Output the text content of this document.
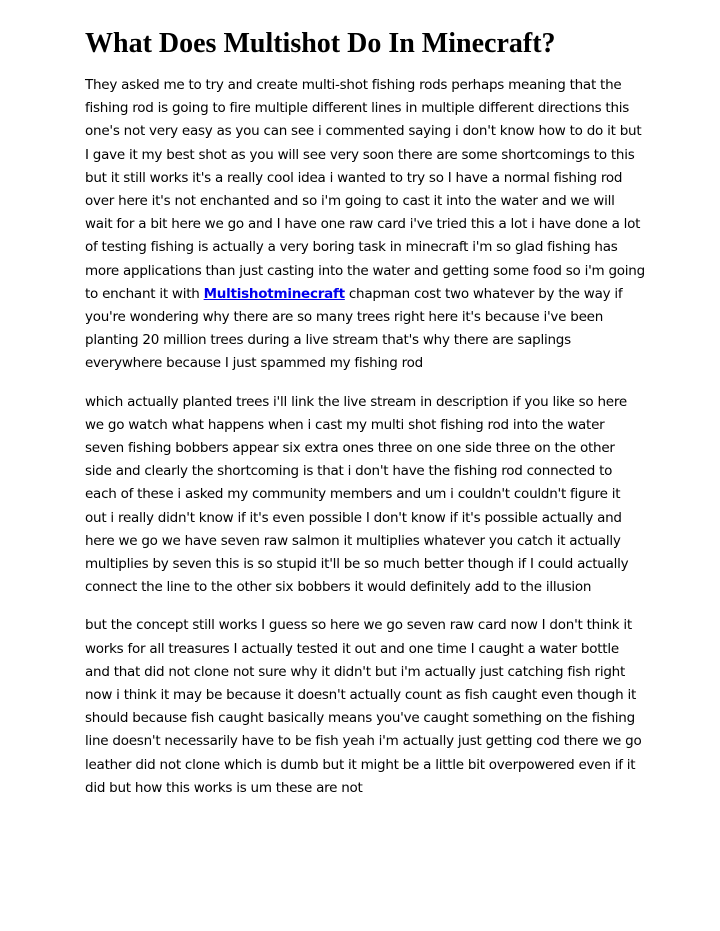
What Does Multishot Do In Minecraft?

They asked me to try and create multi-shot fishing rods perhaps meaning that the fishing rod is going to fire multiple different lines in multiple different directions this one's not very easy as you can see i commented saying i don't know how to do it but I gave it my best shot as you will see very soon there are some shortcomings to this but it still works it's a really cool idea i wanted to try so I have a normal fishing rod over here it's not enchanted and so i'm going to cast it into the water and we will wait for a bit here we go and I have one raw card i've tried this a lot i have done a lot of testing fishing is actually a very boring task in minecraft i'm so glad fishing has more applications than just casting into the water and getting some food so i'm going to enchant it with Multishotminecraft chapman cost two whatever by the way if you're wondering why there are so many trees right here it's because i've been planting 20 million trees during a live stream that's why there are saplings everywhere because I just spammed my fishing rod

which actually planted trees i'll link the live stream in description if you like so here we go watch what happens when i cast my multi shot fishing rod into the water seven fishing bobbers appear six extra ones three on one side three on the other side and clearly the shortcoming is that i don't have the fishing rod connected to each of these i asked my community members and um i couldn't couldn't figure it out i really didn't know if it's even possible I don't know if it's possible actually and here we go we have seven raw salmon it multiplies whatever you catch it actually multiplies by seven this is so stupid it'll be so much better though if I could actually connect the line to the other six bobbers it would definitely add to the illusion

but the concept still works I guess so here we go seven raw card now I don't think it works for all treasures I actually tested it out and one time I caught a water bottle and that did not clone not sure why it didn't but i'm actually just catching fish right now i think it may be because it doesn't actually count as fish caught even though it should because fish caught basically means you've caught something on the fishing line doesn't necessarily have to be fish yeah i'm actually just getting cod there we go leather did not clone which is dumb but it might be a little bit overpowered even if it did but how this works is um these are not
